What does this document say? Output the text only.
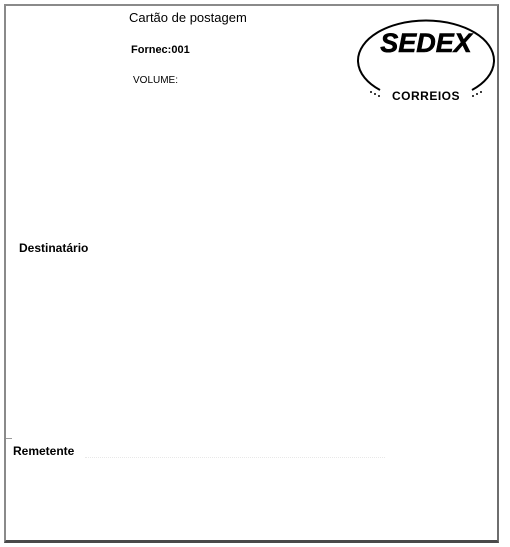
Cartão de postagem
Fornec:001
VOLUME:
SEDEX
CORREIOS
Destinatário
Remetente
